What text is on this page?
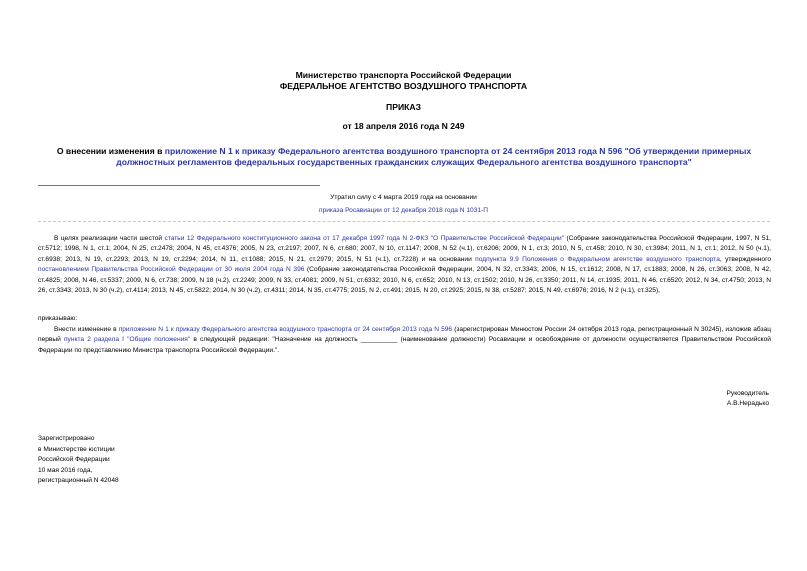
Министерство транспорта Российской Федерации
ФЕДЕРАЛЬНОЕ АГЕНТСТВО ВОЗДУШНОГО ТРАНСПОРТА
ПРИКАЗ
от 18 апреля 2016 года N 249
О внесении изменения в приложение N 1 к приказу Федерального агентства воздушного транспорта от 24 сентября 2013 года N 596 "Об утверждении примерных должностных регламентов федеральных государственных гражданских служащих Федерального агентства воздушного транспорта"
Утратил силу с 4 марта 2019 года на основании
приказа Росавиации от 12 декабря 2018 года N 1031-П
В целях реализации части шестой статьи 12 Федерального конституционного закона от 17 декабря 1997 года N 2-ФКЗ "О Правительстве Российской Федерации" (Собрание законодательства Российской Федерации, 1997, N 51, ст.5712; 1998, N 1, ст.1; 2004, N 25, ст.2478; 2004, N 45, ст.4376; 2005, N 23, ст.2197; 2007, N 6, ст.680; 2007, N 10, ст.1147; 2008, N 52 (ч.1), ст.6206; 2009, N 1, ст.3; 2010, N 5, ст.458; 2010, N 30, ст.3984; 2011, N 1, ст.1; 2012, N 50 (ч.1), ст.6938; 2013, N 19, ст.2293; 2013, N 19, ст.2294; 2014, N 11, ст.1088; 2015, N 21, ст.2979; 2015, N 51 (ч.1), ст.7228) и на основании подпункта 9.9 Положения о Федеральном агентстве воздушного транспорта, утвержденного постановлением Правительства Российской Федерации от 30 июля 2004 года N 396 (Собрание законодательства Российской Федерации, 2004, N 32, ст.3343; 2006, N 15, ст.1612; 2008, N 17, ст.1883; 2008, N 26, ст.3063; 2008, N 42, ст.4825; 2008, N 46, ст.5337; 2009, N 6, ст.738; 2009, N 18 (ч.2), ст.2249; 2009, N 33, ст.4081; 2009, N 51, ст.6332; 2010, N 6, ст.652; 2010, N 13, ст.1502; 2010, N 26, ст.3350; 2011, N 14, ст.1935; 2011, N 46, ст.6520; 2012, N 34, ст.4750; 2013, N 26, ст.3343; 2013, N 30 (ч.2), ст.4114; 2013, N 45, ст.5822; 2014, N 30 (ч.2), ст.4311; 2014, N 35, ст.4775; 2015, N 2, ст.491; 2015, N 20, ст.2925; 2015, N 38, ст.5287; 2015, N 49, ст.6976; 2016, N 2 (ч.1), ст.325),
приказываю:
Внести изменение в приложение N 1 к приказу Федерального агентства воздушного транспорта от 24 сентября 2013 года N 596 (зарегистрирован Минюстом России 24 октября 2013 года, регистрационный N 30245), изложив абзац первый пункта 2 раздела I "Общие положения" в следующей редакции: "Назначение на должность __________ (наименование должности) Росавиации и освобождение от должности осуществляется Правительством Российской Федерации по представлению Министра транспорта Российской Федерации.".
Руководитель
А.В.Нерадько
Зарегистрировано
в Министерстве юстиции
Российской Федерации
10 мая 2016 года,
регистрационный N 42048
